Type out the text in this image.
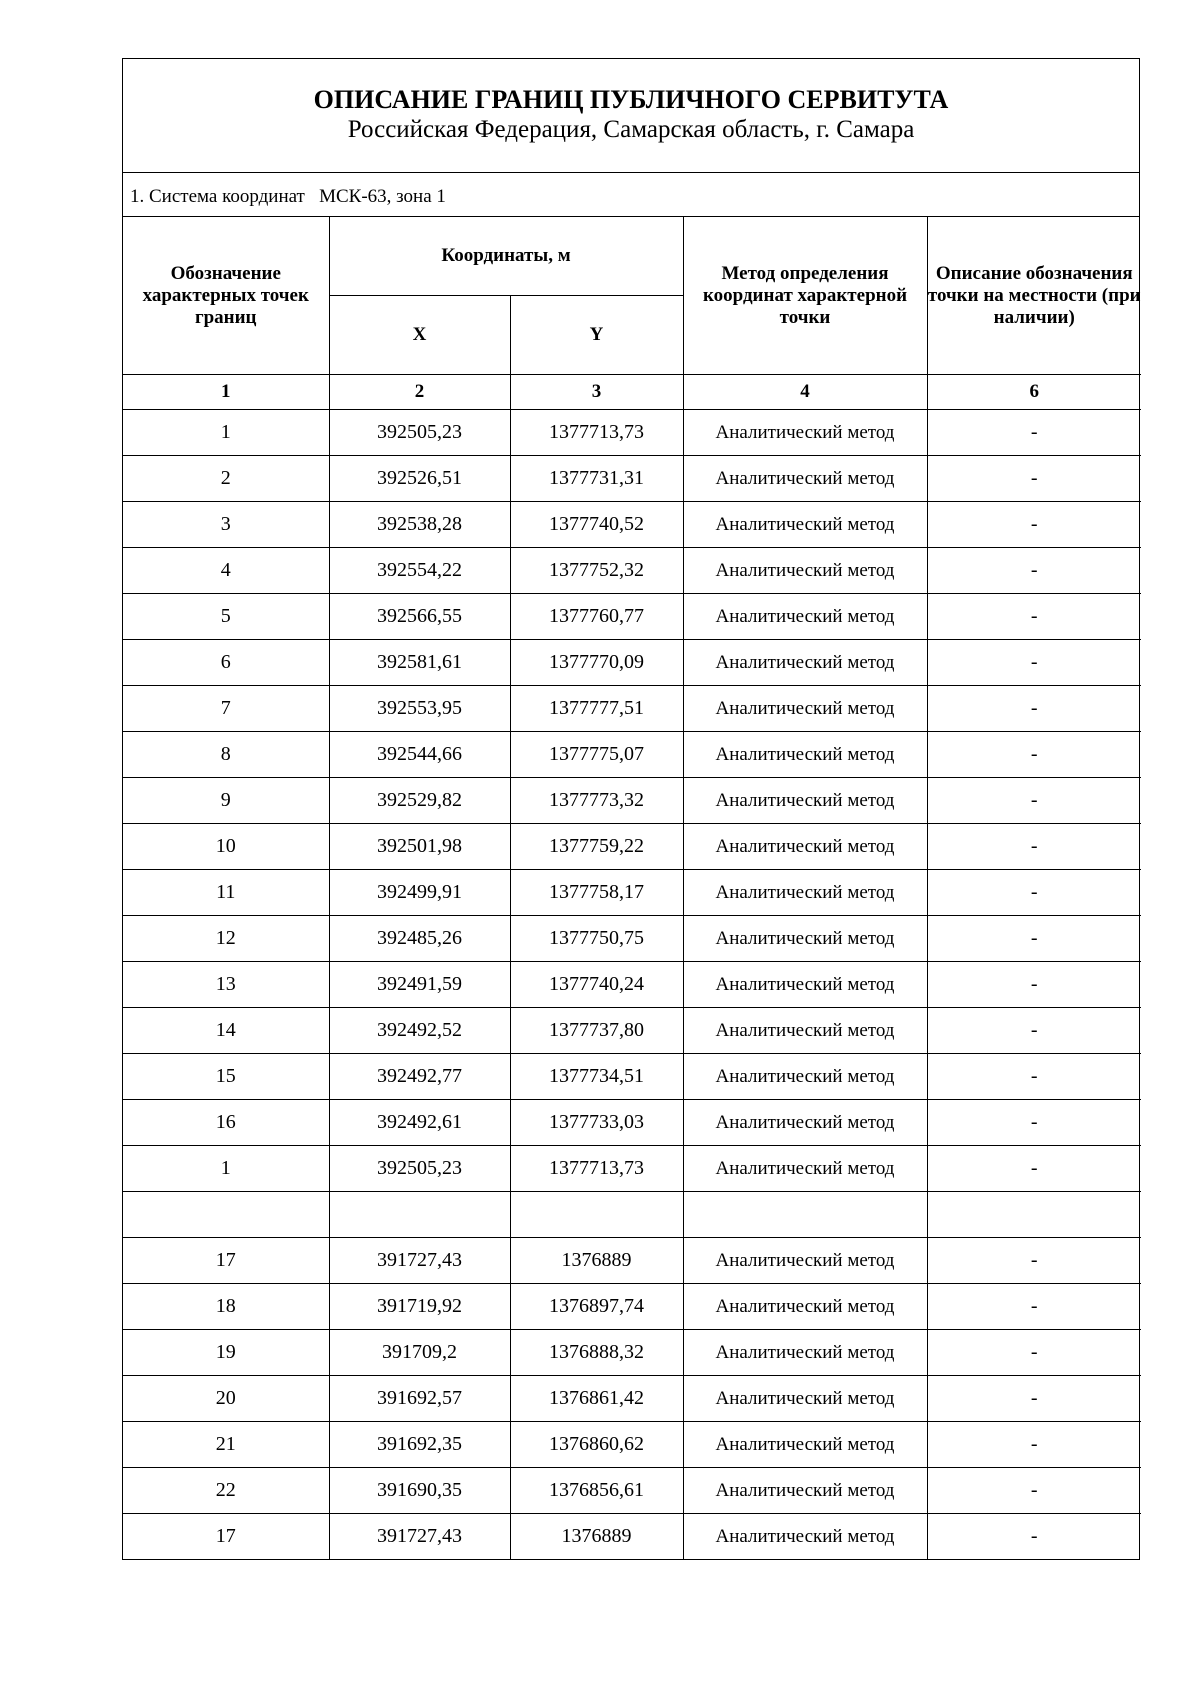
ОПИСАНИЕ ГРАНИЦ ПУБЛИЧНОГО СЕРВИТУТА
Российская Федерация, Самарская область, г. Самара
1. Система координат   МСК-63, зона 1
Обозначение характерных точек границ	Координаты, м		Метод определения координат характерной точки	Описание обозначения точки на местности (при наличии)
	X	Y		
1	2	3	4	6
1	392505,23	1377713,73	Аналитический метод	-
2	392526,51	1377731,31	Аналитический метод	-
3	392538,28	1377740,52	Аналитический метод	-
4	392554,22	1377752,32	Аналитический метод	-
5	392566,55	1377760,77	Аналитический метод	-
6	392581,61	1377770,09	Аналитический метод	-
7	392553,95	1377777,51	Аналитический метод	-
8	392544,66	1377775,07	Аналитический метод	-
9	392529,82	1377773,32	Аналитический метод	-
10	392501,98	1377759,22	Аналитический метод	-
11	392499,91	1377758,17	Аналитический метод	-
12	392485,26	1377750,75	Аналитический метод	-
13	392491,59	1377740,24	Аналитический метод	-
14	392492,52	1377737,80	Аналитический метод	-
15	392492,77	1377734,51	Аналитический метод	-
16	392492,61	1377733,03	Аналитический метод	-
1	392505,23	1377713,73	Аналитический метод	-

17	391727,43	1376889	Аналитический метод	-
18	391719,92	1376897,74	Аналитический метод	-
19	391709,2	1376888,32	Аналитический метод	-
20	391692,57	1376861,42	Аналитический метод	-
21	391692,35	1376860,62	Аналитический метод	-
22	391690,35	1376856,61	Аналитический метод	-
17	391727,43	1376889	Аналитический метод	-
